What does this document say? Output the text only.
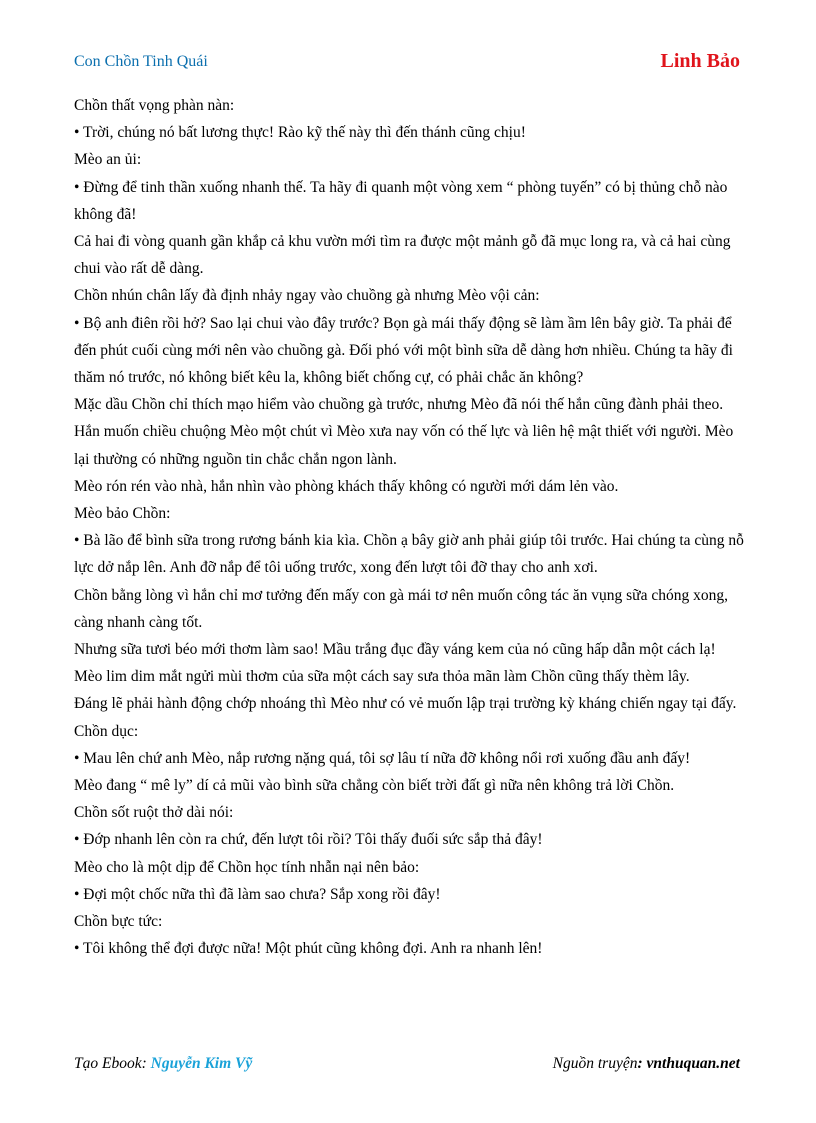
Con Chồn Tinh Quái	Linh Bảo

Chồn thất vọng phàn nàn:

• Trời, chúng nó bất lương thực! Rào kỹ thế này thì đến thánh cũng chịu!

Mèo an ủi:

• Đừng để tinh thần xuống nhanh thế. Ta hãy đi quanh một vòng xem “ phòng tuyến” có bị thủng chỗ nào không đã!

Cả hai đi vòng quanh gần khắp cả khu vườn mới tìm ra được một mảnh gỗ đã mục long ra, và cả hai cùng chui vào rất dễ dàng.

Chồn nhún chân lấy đà định nhảy ngay vào chuồng gà nhưng Mèo vội cản:

• Bộ anh điên rồi hở? Sao lại chui vào đây trước? Bọn gà mái thấy động sẽ làm ầm lên bây giờ. Ta phải để đến phút cuối cùng mới nên vào chuồng gà. Đối phó với một bình sữa dễ dàng hơn nhiều. Chúng ta hãy đi thăm nó trước, nó không biết kêu la, không biết chống cự, có phải chắc ăn không?

Mặc dầu Chồn chỉ thích mạo hiểm vào chuồng gà trước, nhưng Mèo đã nói thế hắn cũng đành phải theo. Hắn muốn chiều chuộng Mèo một chút vì Mèo xưa nay vốn có thế lực và liên hệ mật thiết với người. Mèo lại thường có những nguồn tin chắc chắn ngon lành.

Mèo rón rén vào nhà, hắn nhìn vào phòng khách thấy không có người mới dám lẻn vào.

Mèo bảo Chồn:

• Bà lão để bình sữa trong rương bánh kia kìa. Chồn ạ bây giờ anh phải giúp tôi trước. Hai chúng ta cùng nỗ lực dở nắp lên. Anh đỡ nắp để tôi uống trước, xong đến lượt tôi đỡ thay cho anh xơi.

Chồn bằng lòng vì hắn chỉ mơ tưởng đến mấy con gà mái tơ nên muốn công tác ăn vụng sữa chóng xong, càng nhanh càng tốt.

Nhưng sữa tươi béo mới thơm làm sao! Mầu trắng đục đầy váng kem của nó cũng hấp dẫn một cách lạ! Mèo lim dim mắt ngửi mùi thơm của sữa một cách say sưa thỏa mãn làm Chồn cũng thấy thèm lây.

Đáng lẽ phải hành động chớp nhoáng thì Mèo như có vẻ muốn lập trại trường kỳ kháng chiến ngay tại đấy.

Chồn dục:

• Mau lên chứ anh Mèo, nắp rương nặng quá, tôi sợ lâu tí nữa đỡ không nổi rơi xuống đầu anh đấy!

Mèo đang “ mê ly” dí cả mũi vào bình sữa chẳng còn biết trời đất gì nữa nên không trả lời Chồn.

Chồn sốt ruột thở dài nói:

• Đớp nhanh lên còn ra chứ, đến lượt tôi rồi? Tôi thấy đuối sức sắp thả đây!

Mèo cho là một dịp để Chồn học tính nhẫn nại nên bảo:

• Đợi một chốc nữa thì đã làm sao chưa? Sắp xong rồi đây!

Chồn bực tức:

• Tôi không thể đợi được nữa! Một phút cũng không đợi. Anh ra nhanh lên!

Tạo Ebook: Nguyễn Kim Vỹ	Nguồn truyện: vnthuquan.net
